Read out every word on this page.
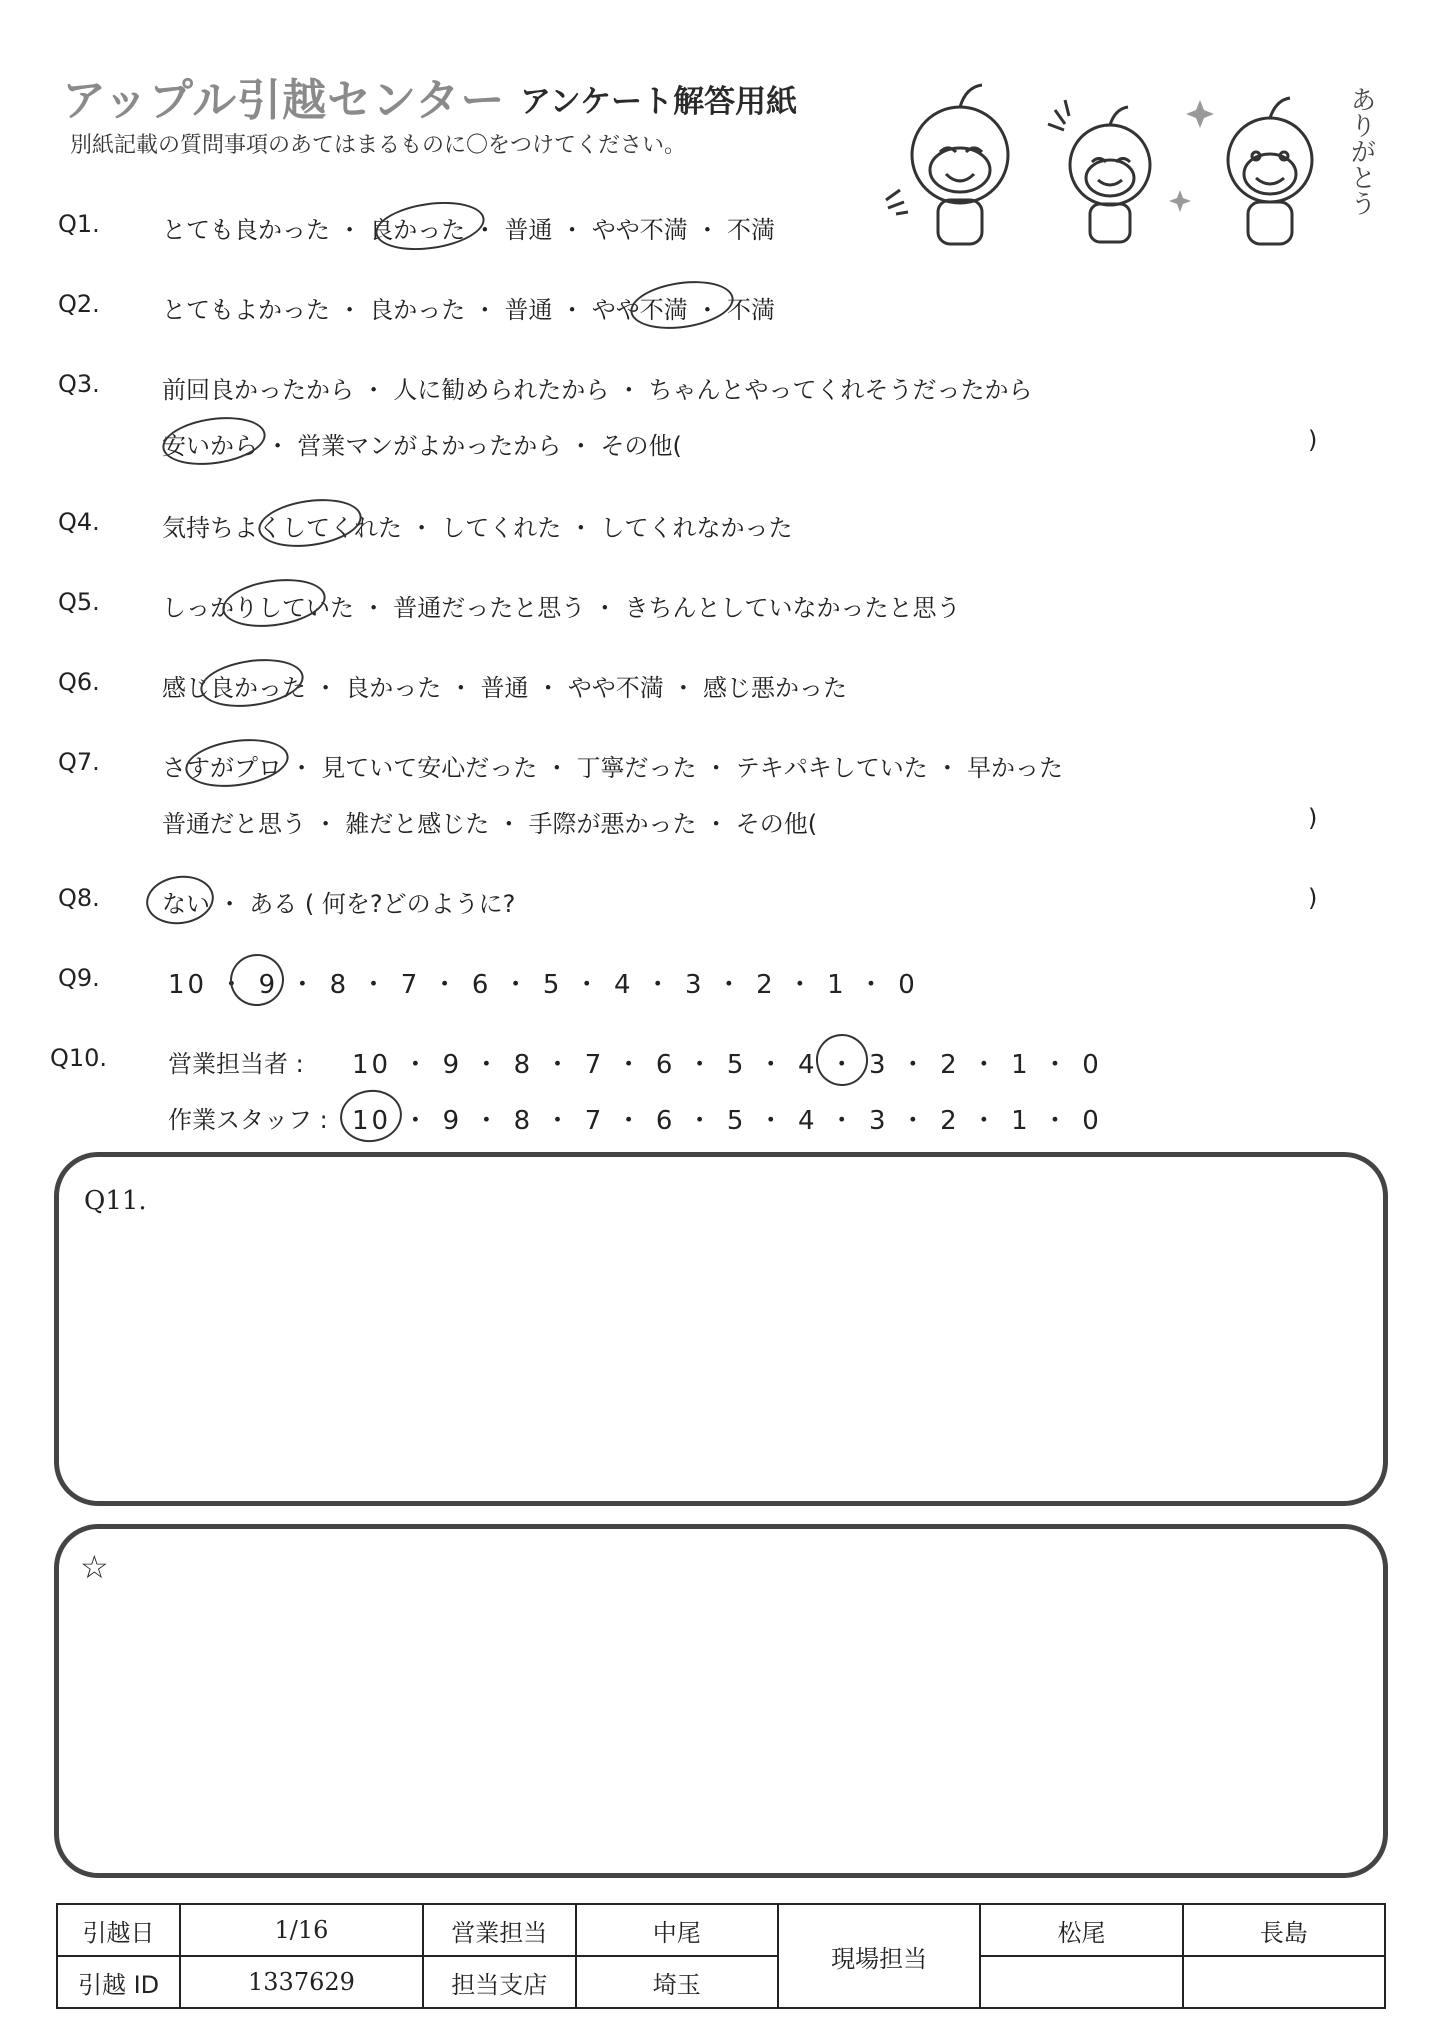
アップル引越センター アンケート解答用紙
別紙記載の質問事項のあてはまるものに〇をつけてください。	ありがとう
Q1.	とても良かった ・ 良かった ・ 普通 ・ やや不満 ・ 不満
Q2.	とてもよかった ・ 良かった ・ 普通 ・ やや不満 ・ 不満
Q3.	前回良かったから ・ 人に勧められたから ・ ちゃんとやってくれそうだったから
安いから ・ 営業マンがよかったから ・ その他(	)
Q4.	気持ちよくしてくれた ・ してくれた ・ してくれなかった
Q5.	しっかりしていた ・ 普通だったと思う ・ きちんとしていなかったと思う
Q6.	感じ良かった ・ 良かった ・ 普通 ・ やや不満 ・ 感じ悪かった
Q7.	さすがプロ ・ 見ていて安心だった ・ 丁寧だった ・ テキパキしていた ・ 早かった
普通だと思う ・ 雑だと感じた ・ 手際が悪かった ・ その他(	)
Q8.	ない ・ ある ( 何を?どのように?	)
Q9.	10 ・ 9 ・ 8 ・ 7 ・ 6 ・ 5 ・ 4 ・ 3 ・ 2 ・ 1 ・ 0
Q10.	営業担当者 : 10 ・ 9 ・ 8 ・ 7 ・ 6 ・ 5 ・ 4 ・ 3 ・ 2 ・ 1 ・ 0
作業スタッフ : 10 ・ 9 ・ 8 ・ 7 ・ 6 ・ 5 ・ 4 ・ 3 ・ 2 ・ 1 ・ 0
Q11.
☆
引越日	1/16	営業担当	中尾	現場担当	松尾	長島
引越 ID	1337629	担当支店	埼玉			
